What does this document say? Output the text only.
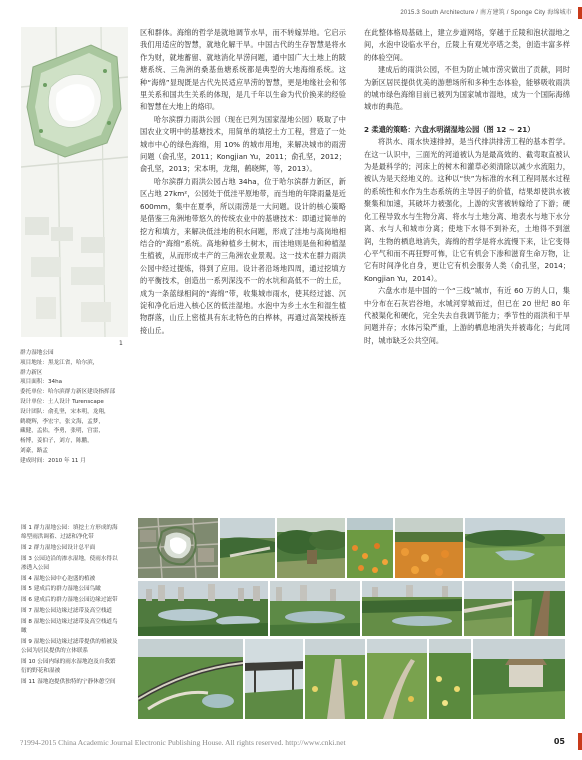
2015.3 South Architecture / 南方建筑 / Sponge City 海绵城市
1
群力湿地公园
项目地址：黑龙江省，哈尔滨，
群力新区
项目面积：34ha
委托单位：哈尔滨群力新区建设指挥部
设计单位：土人设计 Turenscape
设计团队：俞孔坚，宋本明，龙翔，
鹤晓辉，李宏宇，张文海，孟梦，
藏健，孟佑，李勇，张明，宫雷，
杨博，姜伯子，刘方，陈鹏，
刘豪，路孟
建成时间：2010 年 11 月

区和群体。海绵的哲学是就地调节水旱，而不转嫁异地。它启示我们用适应的智慧，就地化解干旱。中国古代的生存智慧是将水作为财，就地蓄留、就地消化旱涝问题，通中国广大土地上的陂塘系统、三角洲的桑基鱼塘系统都是典型的大地海绵系统。这种“海绵”显现既是古代先民适应旱涝的智慧，更是地缘社会和邻里关系和国共生关系的体现，是几千年以生命为代价换来的经验和智慧在大地上的烙印。

哈尔滨群力雨洪公园（现在已列为国家湿地公园）吸取了中国农业文明中的基塘技术，用简单的填挖土方工程，营造了一处城市中心的绿色海绵，用 10% 的城市用地，来解决城市的雨涝问题（俞孔坚，2011；Kongjian Yu，2011；俞孔坚，2012；俞孔坚，2013；宋本明，龙翔，鹤晓辉，等，2013）。

哈尔滨群力雨洪公园占地 34ha，位于哈尔滨群力新区，新区占地 27km²，公园处于低洼平原地带，而当地的年降雨量是近 600mm，集中在夏季，所以雨涝是一大问题。设计的核心策略是借鉴三角洲地带悠久的传统农业中的基塘技术：即通过简单的挖方和填方，来解决低洼地的积水问题，形成了洼地与高岗地相结合的“海绵”系统。高地种植乡土树木，而洼地则是鱼和种植湿生植被，从而形成丰产的三角洲农业景观。这一技术在群力雨洪公园中经过提炼，得到了应用。设计者沿场地四周，通过挖填方的平衡技术，创造出一系列深浅不一的水坑和高低不一的土丘，成为一条蓝绿相间的“海绵”带，收集城市雨水，使其经过滤、沉淀和净化后进入核心区的低洼湿地。水泡中为乡土水生和湿生植物群落，山丘上密植具有东北特色的白桦林，再通过高架栈桥连接山丘。

在此整体格局基础上，建立步道网络，穿越于丘陵和泡状湿地之间，水泡中设临水平台，丘陵上有观光亭塔之类，创造丰富多样的体验空间。

建成后的雨洪公园，不但为防止城市涝灾做出了贡献，同时为新区居民提供优美的游憩场所和多种生态体验，能够吸收雨洪的城市绿色海绵目前已被列为国家城市湿地，成为一个国际海绵城市的典范。

2 柔遗的策略：六盘水明湖湿地公园（图 12 ~ 21）

将洪水、雨水快速排掉，是当代排洪排涝工程的基本哲学。在这一认识中，三面光的河道被认为是最高效的、截弯取直被认为是最科学的；河床上的树木和灌草必须清除以减少水流阻力，被认为是天经地义的。这种以“快”为标准的水利工程同展水过程的系统性和水作为生态系统的主导因子的价值，结果却使洪水被聚集和加速，其破坏力被强化，上游的灾害被转嫁给了下游；硬化工程导致水与生物分离、将水与土地分离、地表水与地下水分离、水与人和城市分离；使地下水得不到补充，土地得不到滋润，生物的栖息地消失，海绵的哲学是将水流慢下来，让它变得心平气和而不再狂野可怖，让它有机会下渗和滋育生命万物，让它有时间净化自身，更让它有机会服务人类（俞孔坚，2014；Kongjian Yu，2014）。

六盘水市是中国的一个“三线”城市，有近 60 万的人口，集中分布在石灰岩谷地，水城河穿城而过，但已在 20 世纪 80 年代被渠化和硬化，完全失去自我调节能力；季节性的雨洪和干旱问题并存；水体污染严重，上游的栖息地消失并被毒化；与此同时，城市缺乏公共空间。

图 1 群力湿地公园：填挖土方形成的海绵型雨洪调蓄、过滤和净化带
图 2 群力湿地公园设计总平面
图 3 公园边沿的渗水湿地，使雨水得以渗透入公园
图 4 湿地公园中心泡盛的植被
图 5 建成后的群力湿地公园鸟瞰
图 6 建成后的群力湿地公园边缘过滤带
图 7 湿地公园边缘过滤带及高空栈道
图 8 湿地公园边缘过滤带及高空栈道鸟瞰
图 9 湿地公园边缘过滤带提供的植被及公园为居民提供的立体联系
图 10 公园内绿的雨水湿地泡及自我繁衍的野花和湿被
图 11 湿地泡提供独特的宁静休憩空间
?1994-2015 China Academic Journal Electronic Publishing House. All rights reserved. http://www.cnki.net	05
